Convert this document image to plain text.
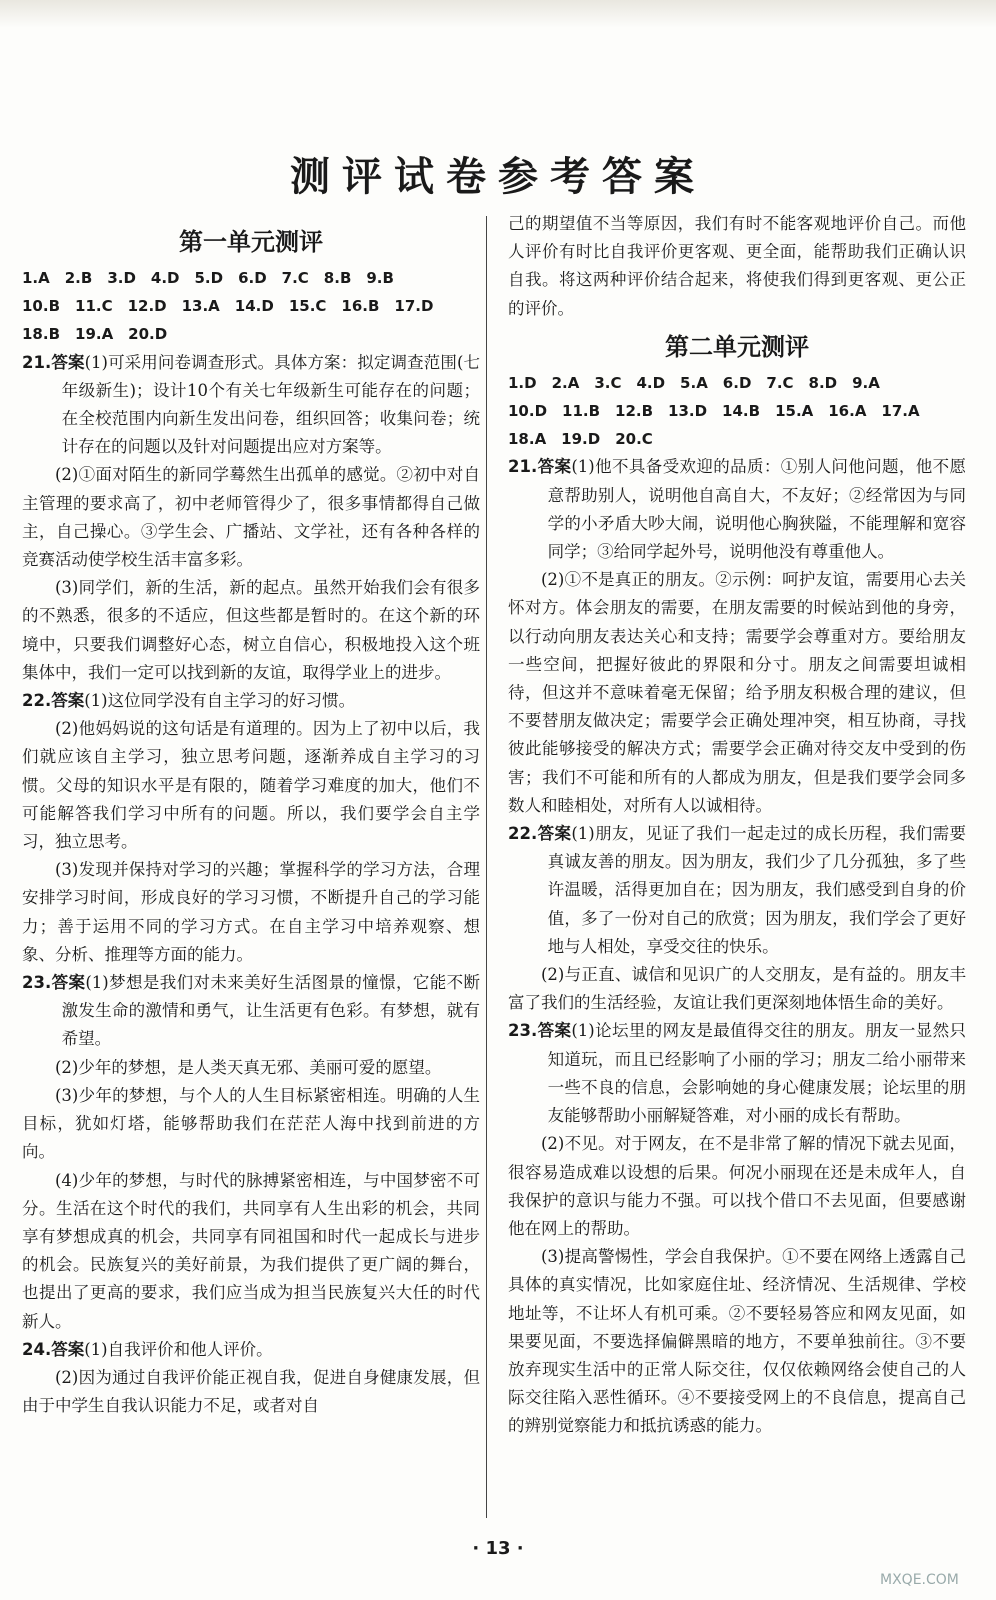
测评试卷参考答案
第一单元测评
1.A　2.B　3.D　4.D　5.D　6.D　7.C　8.B　9.B
10.B　11.C　12.D　13.A　14.D　15.C　16.B　17.D
18.B　19.A　20.D

21.答案(1)可采用问卷调查形式。具体方案：拟定调查范围(七年级新生)；设计10个有关七年级新生可能存在的问题；在全校范围内向新生发出问卷，组织回答；收集问卷；统计存在的问题以及针对问题提出应对方案等。

(2)①面对陌生的新同学蓦然生出孤单的感觉。②初中对自主管理的要求高了，初中老师管得少了，很多事情都得自己做主，自己操心。③学生会、广播站、文学社，还有各种各样的竞赛活动使学校生活丰富多彩。

(3)同学们，新的生活，新的起点。虽然开始我们会有很多的不熟悉，很多的不适应，但这些都是暂时的。在这个新的环境中，只要我们调整好心态，树立自信心，积极地投入这个班集体中，我们一定可以找到新的友谊，取得学业上的进步。

22.答案(1)这位同学没有自主学习的好习惯。

(2)他妈妈说的这句话是有道理的。因为上了初中以后，我们就应该自主学习，独立思考问题，逐渐养成自主学习的习惯。父母的知识水平是有限的，随着学习难度的加大，他们不可能解答我们学习中所有的问题。所以，我们要学会自主学习，独立思考。

(3)发现并保持对学习的兴趣；掌握科学的学习方法，合理安排学习时间，形成良好的学习习惯，不断提升自己的学习能力；善于运用不同的学习方式。在自主学习中培养观察、想象、分析、推理等方面的能力。

23.答案(1)梦想是我们对未来美好生活图景的憧憬，它能不断激发生命的激情和勇气，让生活更有色彩。有梦想，就有希望。

(2)少年的梦想，是人类天真无邪、美丽可爱的愿望。

(3)少年的梦想，与个人的人生目标紧密相连。明确的人生目标，犹如灯塔，能够帮助我们在茫茫人海中找到前进的方向。

(4)少年的梦想，与时代的脉搏紧密相连，与中国梦密不可分。生活在这个时代的我们，共同享有人生出彩的机会，共同享有梦想成真的机会，共同享有同祖国和时代一起成长与进步的机会。民族复兴的美好前景，为我们提供了更广阔的舞台，也提出了更高的要求，我们应当成为担当民族复兴大任的时代新人。

24.答案(1)自我评价和他人评价。

(2)因为通过自我评价能正视自我，促进自身健康发展，但由于中学生自我认识能力不足，或者对自

己的期望值不当等原因，我们有时不能客观地评价自己。而他人评价有时比自我评价更客观、更全面，能帮助我们正确认识自我。将这两种评价结合起来，将使我们得到更客观、更公正的评价。

第二单元测评
1.D　2.A　3.C　4.D　5.A　6.D　7.C　8.D　9.A
10.D　11.B　12.B　13.D　14.B　15.A　16.A　17.A
18.A　19.D　20.C

21.答案(1)他不具备受欢迎的品质：①别人问他问题，他不愿意帮助别人，说明他自高自大，不友好；②经常因为与同学的小矛盾大吵大闹，说明他心胸狭隘，不能理解和宽容同学；③给同学起外号，说明他没有尊重他人。

(2)①不是真正的朋友。②示例：呵护友谊，需要用心去关怀对方。体会朋友的需要，在朋友需要的时候站到他的身旁，以行动向朋友表达关心和支持；需要学会尊重对方。要给朋友一些空间，把握好彼此的界限和分寸。朋友之间需要坦诚相待，但这并不意味着毫无保留；给予朋友积极合理的建议，但不要替朋友做决定；需要学会正确处理冲突，相互协商，寻找彼此能够接受的解决方式；需要学会正确对待交友中受到的伤害；我们不可能和所有的人都成为朋友，但是我们要学会同多数人和睦相处，对所有人以诚相待。

22.答案(1)朋友，见证了我们一起走过的成长历程，我们需要真诚友善的朋友。因为朋友，我们少了几分孤独，多了些许温暖，活得更加自在；因为朋友，我们感受到自身的价值，多了一份对自己的欣赏；因为朋友，我们学会了更好地与人相处，享受交往的快乐。

(2)与正直、诚信和见识广的人交朋友，是有益的。朋友丰富了我们的生活经验，友谊让我们更深刻地体悟生命的美好。

23.答案(1)论坛里的网友是最值得交往的朋友。朋友一显然只知道玩，而且已经影响了小丽的学习；朋友二给小丽带来一些不良的信息，会影响她的身心健康发展；论坛里的朋友能够帮助小丽解疑答难，对小丽的成长有帮助。

(2)不见。对于网友，在不是非常了解的情况下就去见面，很容易造成难以设想的后果。何况小丽现在还是未成年人，自我保护的意识与能力不强。可以找个借口不去见面，但要感谢他在网上的帮助。

(3)提高警惕性，学会自我保护。①不要在网络上透露自己具体的真实情况，比如家庭住址、经济情况、生活规律、学校地址等，不让坏人有机可乘。②不要轻易答应和网友见面，如果要见面，不要选择偏僻黑暗的地方，不要单独前往。③不要放弃现实生活中的正常人际交往，仅仅依赖网络会使自己的人际交往陷入恶性循环。④不要接受网上的不良信息，提高自己的辨别觉察能力和抵抗诱惑的能力。

· 13 ·
MXQE.COM
